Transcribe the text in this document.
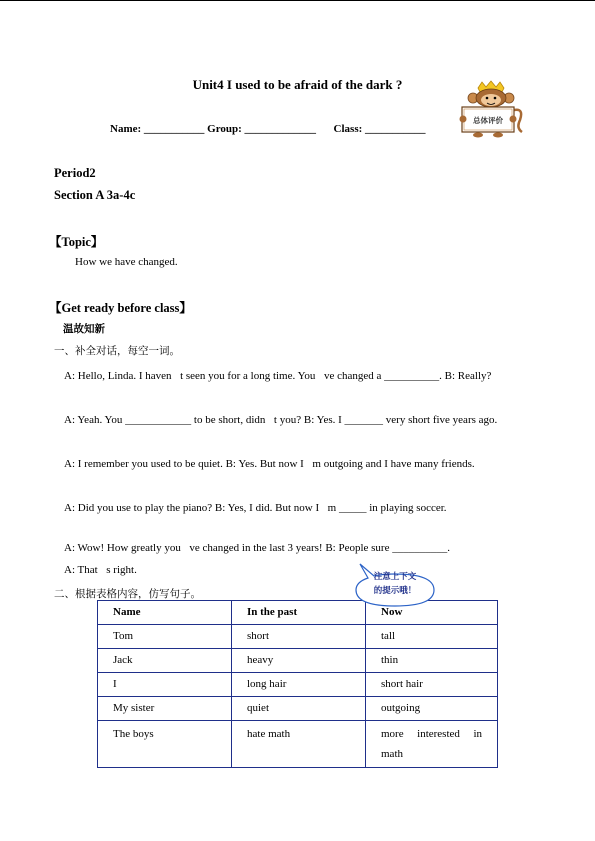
Unit4 I used to be afraid of the dark ?
Name: ___________ Group: _____________ Class: ___________
总体评价
Period2
Section A 3a-4c
【Topic】
How we have changed.
【Get ready before class】
温故知新
一、补全对话，每空一词。
A: Hello, Linda. I haven t seen you for a long time. You ve changed a __________. B: Really?
A: Yeah. You ____________ to be short, didn t you? B: Yes. I _______ very short five years ago.
A: I remember you used to be quiet. B: Yes. But now I m outgoing and I have many friends.
A: Did you use to play the piano? B: Yes, I did. But now I m _____ in playing soccer.
A: Wow! How greatly you ve changed in the last 3 years! B: People sure __________.
A: That s right.
二、根据表格内容，仿写句子。
Name	In the past	Now
Tom	short	tall
Jack	heavy	thin
I	long hair	short hair
My sister	quiet	outgoing
The boys	hate math	more interested in math
注意上下文
的提示哦！
